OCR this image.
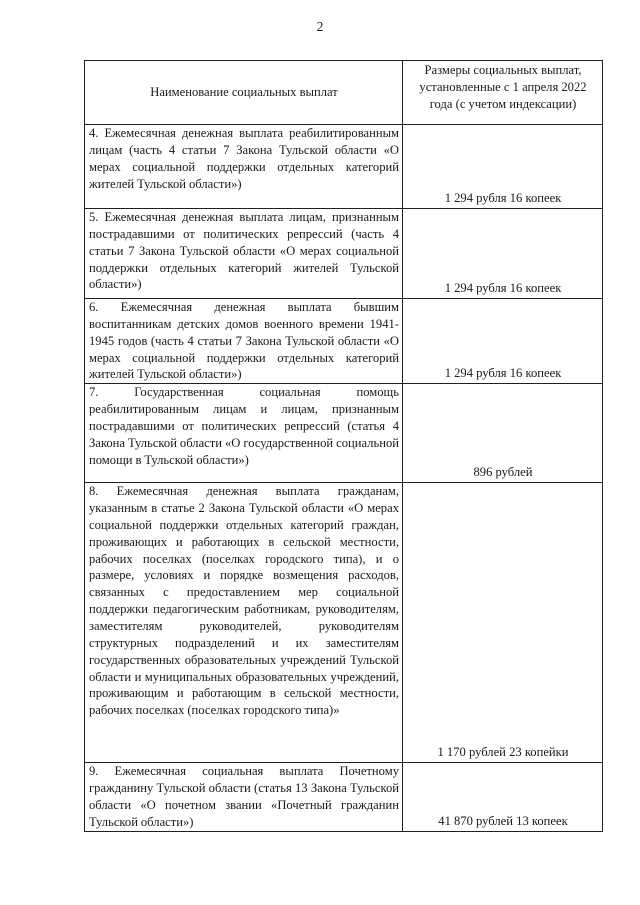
2
Наименование социальных выплат	Размеры социальных выплат, установленные с 1 апреля 2022 года (с учетом индексации)
4. Ежемесячная денежная выплата реабилитированным лицам (часть 4 статьи 7 Закона Тульской области «О мерах социальной поддержки отдельных категорий жителей Тульской области»)	1 294 рубля 16 копеек
5. Ежемесячная денежная выплата лицам, признанным пострадавшими от политических репрессий (часть 4 статьи 7 Закона Тульской области «О мерах социальной поддержки отдельных категорий жителей Тульской области»)	1 294 рубля 16 копеек
6. Ежемесячная денежная выплата бывшим воспитанникам детских домов военного времени 1941-1945 годов (часть 4 статьи 7 Закона Тульской области «О мерах социальной поддержки отдельных категорий жителей Тульской области»)	1 294 рубля 16 копеек
7. Государственная социальная помощь реабилитированным лицам и лицам, признанным пострадавшими от политических репрессий (статья 4 Закона Тульской области «О государственной социальной помощи в Тульской области»)	896 рублей
8. Ежемесячная денежная выплата гражданам, указанным в статье 2 Закона Тульской области «О мерах социальной поддержки отдельных категорий граждан, проживающих и работающих в сельской местности, рабочих поселках (поселках городского типа), и о размере, условиях и порядке возмещения расходов, связанных с предоставлением мер социальной поддержки педагогическим работникам, руководителям, заместителям руководителей, руководителям структурных подразделений и их заместителям государственных образовательных учреждений Тульской области и муниципальных образовательных учреждений, проживающим и работающим в сельской местности, рабочих поселках (поселках городского типа)»	1 170 рублей 23 копейки
9. Ежемесячная социальная выплата Почетному гражданину Тульской области (статья 13 Закона Тульской области «О почетном звании «Почетный гражданин Тульской области»)	41 870 рублей 13 копеек
